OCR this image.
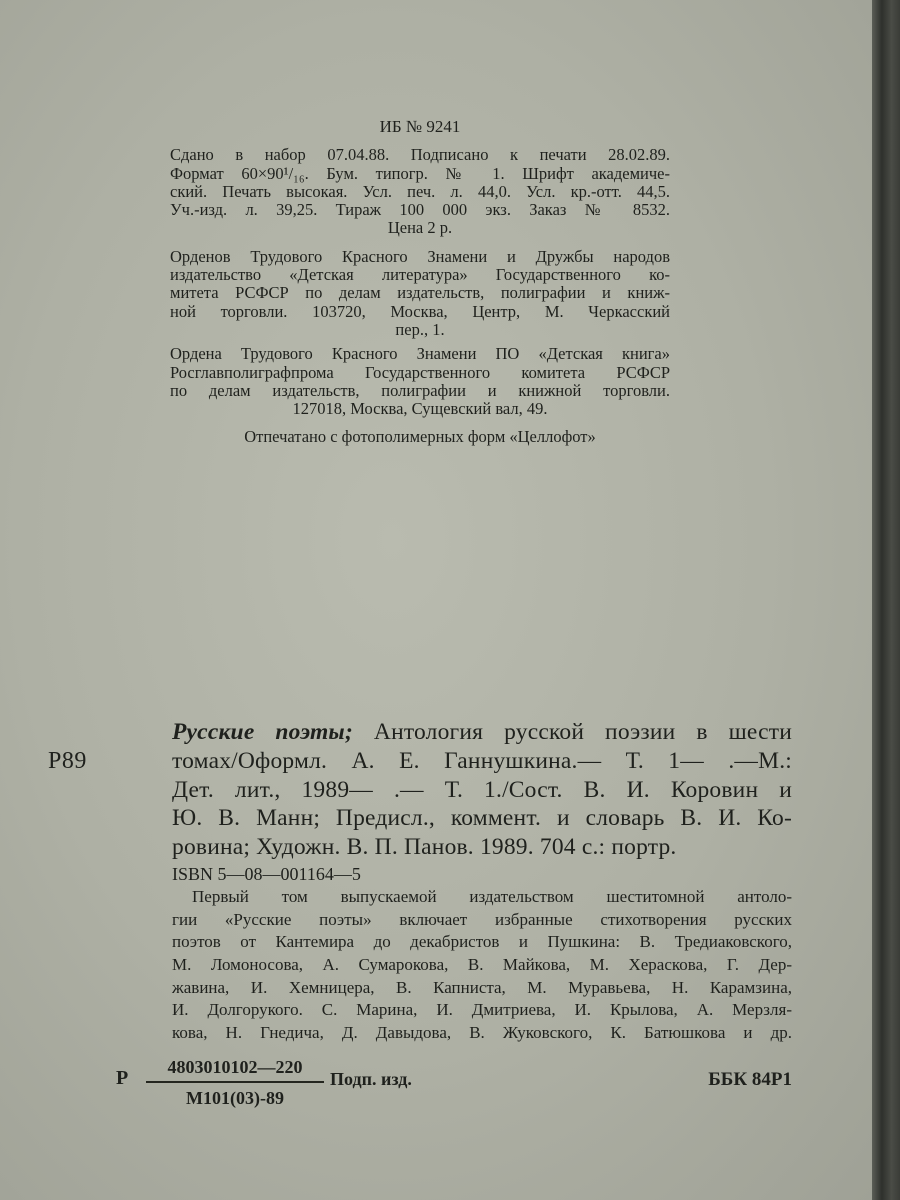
ИБ № 9241
Сдано в набор 07.04.88. Подписано к печати 28.02.89.
Формат 60×90¹/₁₆. Бум. типогр. № 1. Шрифт академиче-
ский. Печать высокая. Усл. печ. л. 44,0. Усл. кр.-отт. 44,5.
Уч.-изд. л. 39,25. Тираж 100 000 экз. Заказ № 8532.
Цена 2 р.
Орденов Трудового Красного Знамени и Дружбы народов
издательство «Детская литература» Государственного ко-
митета РСФСР по делам издательств, полиграфии и книж-
ной торговли. 103720, Москва, Центр, М. Черкасский
пер., 1.
Ордена Трудового Красного Знамени ПО «Детская книга»
Росглавполиграфпрома Государственного комитета РСФСР
по делам издательств, полиграфии и книжной торговли.
127018, Москва, Сущевский вал, 49.
Отпечатано с фотополимерных форм «Целлофот»
Р89
Русские поэты; Антология русской поэзии в шести
томах/Оформл. А. Е. Ганнушкина.— Т. 1— .—М.:
Дет. лит., 1989— .— Т. 1./Сост. В. И. Коровин и
Ю. В. Манн; Предисл., коммент. и словарь В. И. Ко-
ровина; Художн. В. П. Панов. 1989. 704 с.: портр.
ISBN 5—08—001164—5
Первый том выпускаемой издательством шеститомной антоло-
гии «Русские поэты» включает избранные стихотворения русских
поэтов от Кантемира до декабристов и Пушкина: В. Тредиаковского,
М. Ломоносова, А. Сумарокова, В. Майкова, М. Хераскова, Г. Дер-
жавина, И. Хемницера, В. Капниста, М. Муравьева, Н. Карамзина,
И. Долгорукого. С. Марина, И. Дмитриева, И. Крылова, А. Мерзля-
кова, Н. Гнедича, Д. Давыдова, В. Жуковского, К. Батюшкова и др.
Р	4803010102—220
М101(03)-89
Подп. изд.	ББК 84Р1
